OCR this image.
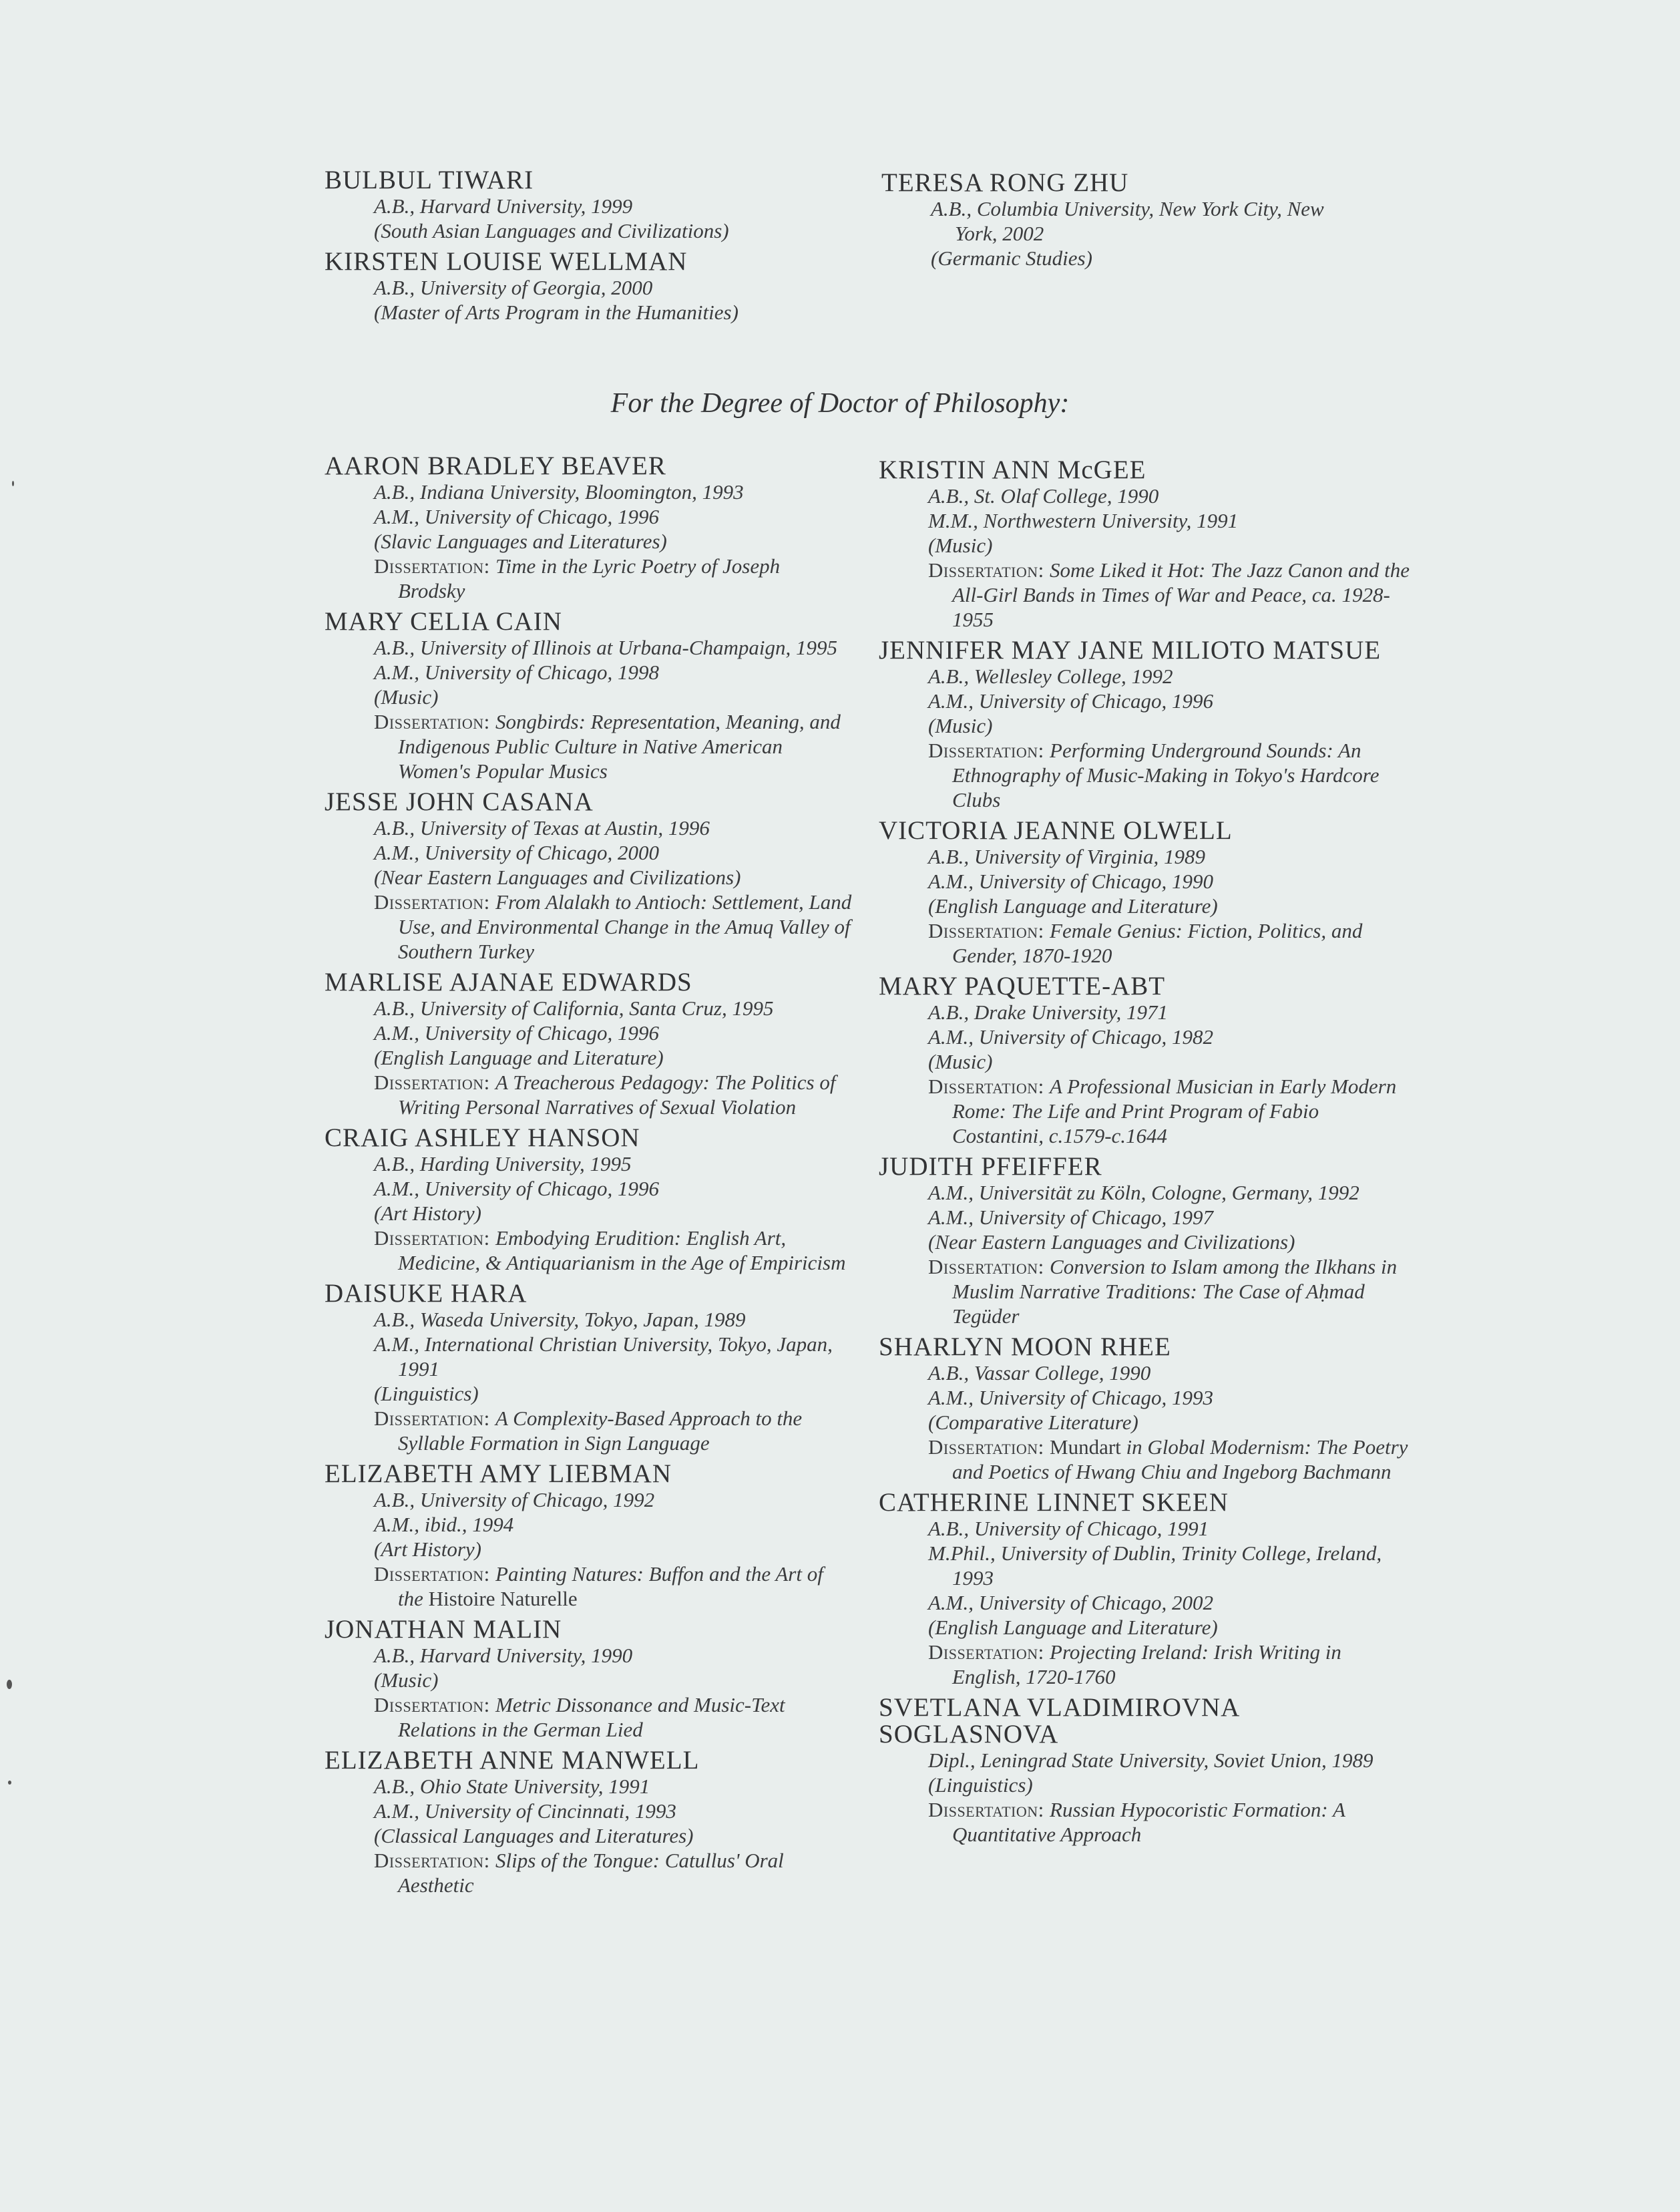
BULBUL TIWARI
A.B., Harvard University, 1999
(South Asian Languages and Civilizations)
KIRSTEN LOUISE WELLMAN
A.B., University of Georgia, 2000
(Master of Arts Program in the Humanities)
TERESA RONG ZHU
A.B., Columbia University, New York City, New York, 2002
(Germanic Studies)
For the Degree of Doctor of Philosophy:
AARON BRADLEY BEAVER
A.B., Indiana University, Bloomington, 1993
A.M., University of Chicago, 1996
(Slavic Languages and Literatures)
Dissertation: Time in the Lyric Poetry of Joseph Brodsky
MARY CELIA CAIN
A.B., University of Illinois at Urbana-Champaign, 1995
A.M., University of Chicago, 1998
(Music)
Dissertation: Songbirds: Representation, Meaning, and Indigenous Public Culture in Native American Women's Popular Musics
JESSE JOHN CASANA
A.B., University of Texas at Austin, 1996
A.M., University of Chicago, 2000
(Near Eastern Languages and Civilizations)
Dissertation: From Alalakh to Antioch: Settlement, Land Use, and Environmental Change in the Amuq Valley of Southern Turkey
MARLISE AJANAE EDWARDS
A.B., University of California, Santa Cruz, 1995
A.M., University of Chicago, 1996
(English Language and Literature)
Dissertation: A Treacherous Pedagogy: The Politics of Writing Personal Narratives of Sexual Violation
CRAIG ASHLEY HANSON
A.B., Harding University, 1995
A.M., University of Chicago, 1996
(Art History)
Dissertation: Embodying Erudition: English Art, Medicine, & Antiquarianism in the Age of Empiricism
DAISUKE HARA
A.B., Waseda University, Tokyo, Japan, 1989
A.M., International Christian University, Tokyo, Japan, 1991
(Linguistics)
Dissertation: A Complexity-Based Approach to the Syllable Formation in Sign Language
ELIZABETH AMY LIEBMAN
A.B., University of Chicago, 1992
A.M., ibid., 1994
(Art History)
Dissertation: Painting Natures: Buffon and the Art of the Histoire Naturelle
JONATHAN MALIN
A.B., Harvard University, 1990
(Music)
Dissertation: Metric Dissonance and Music-Text Relations in the German Lied
ELIZABETH ANNE MANWELL
A.B., Ohio State University, 1991
A.M., University of Cincinnati, 1993
(Classical Languages and Literatures)
Dissertation: Slips of the Tongue: Catullus' Oral Aesthetic
KRISTIN ANN McGEE
A.B., St. Olaf College, 1990
M.M., Northwestern University, 1991
(Music)
Dissertation: Some Liked it Hot: The Jazz Canon and the All-Girl Bands in Times of War and Peace, ca. 1928-1955
JENNIFER MAY JANE MILIOTO MATSUE
A.B., Wellesley College, 1992
A.M., University of Chicago, 1996
(Music)
Dissertation: Performing Underground Sounds: An Ethnography of Music-Making in Tokyo's Hardcore Clubs
VICTORIA JEANNE OLWELL
A.B., University of Virginia, 1989
A.M., University of Chicago, 1990
(English Language and Literature)
Dissertation: Female Genius: Fiction, Politics, and Gender, 1870-1920
MARY PAQUETTE-ABT
A.B., Drake University, 1971
A.M., University of Chicago, 1982
(Music)
Dissertation: A Professional Musician in Early Modern Rome: The Life and Print Program of Fabio Costantini, c.1579-c.1644
JUDITH PFEIFFER
A.M., Universität zu Köln, Cologne, Germany, 1992
A.M., University of Chicago, 1997
(Near Eastern Languages and Civilizations)
Dissertation: Conversion to Islam among the Ilkhans in Muslim Narrative Traditions: The Case of Aḥmad Tegüder
SHARLYN MOON RHEE
A.B., Vassar College, 1990
A.M., University of Chicago, 1993
(Comparative Literature)
Dissertation: Mundart in Global Modernism: The Poetry and Poetics of Hwang Chiu and Ingeborg Bachmann
CATHERINE LINNET SKEEN
A.B., University of Chicago, 1991
M.Phil., University of Dublin, Trinity College, Ireland, 1993
A.M., University of Chicago, 2002
(English Language and Literature)
Dissertation: Projecting Ireland: Irish Writing in English, 1720-1760
SVETLANA VLADIMIROVNA SOGLASNOVA
Dipl., Leningrad State University, Soviet Union, 1989
(Linguistics)
Dissertation: Russian Hypocoristic Formation: A Quantitative Approach
